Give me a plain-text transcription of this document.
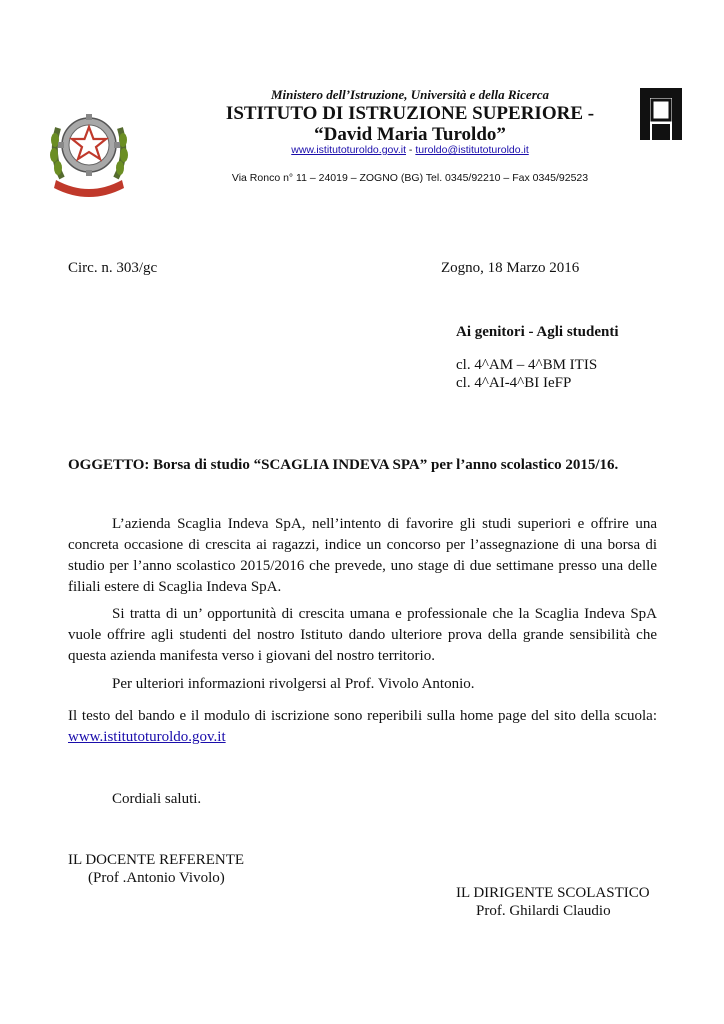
Ministero dell’Istruzione, Università e della Ricerca
ISTITUTO DI ISTRUZIONE SUPERIORE -
“David Maria Turoldo”
www.istitutoturoldo.gov.it - turoldo@istitutoturoldo.it
Via Ronco n° 11 – 24019 – ZOGNO (BG) Tel. 0345/92210 – Fax 0345/92523
Circ. n. 303/gc	Zogno, 18 Marzo 2016
Ai genitori - Agli studenti
cl. 4^AM – 4^BM ITIS
cl. 4^AI-4^BI IeFP
OGGETTO: Borsa di studio “SCAGLIA INDEVA SPA” per l’anno scolastico 2015/16.
L’azienda Scaglia Indeva SpA, nell’intento di favorire gli studi superiori e offrire una concreta occasione di crescita ai ragazzi, indice un concorso per l’assegnazione di una borsa di studio per l’anno scolastico 2015/2016 che prevede, uno stage di due settimane presso una delle filiali estere di Scaglia Indeva SpA.
Si tratta di un’ opportunità di crescita umana e professionale che la Scaglia Indeva SpA vuole offrire agli studenti del nostro Istituto dando ulteriore prova della grande sensibilità che questa azienda manifesta verso i giovani del nostro territorio.
Per ulteriori informazioni rivolgersi al Prof. Vivolo Antonio.
Il testo del bando e il modulo di iscrizione sono reperibili sulla home page del sito della scuola: www.istitutoturoldo.gov.it
Cordiali saluti.
IL DOCENTE REFERENTE
(Prof .Antonio Vivolo)
IL DIRIGENTE SCOLASTICO
Prof. Ghilardi Claudio
